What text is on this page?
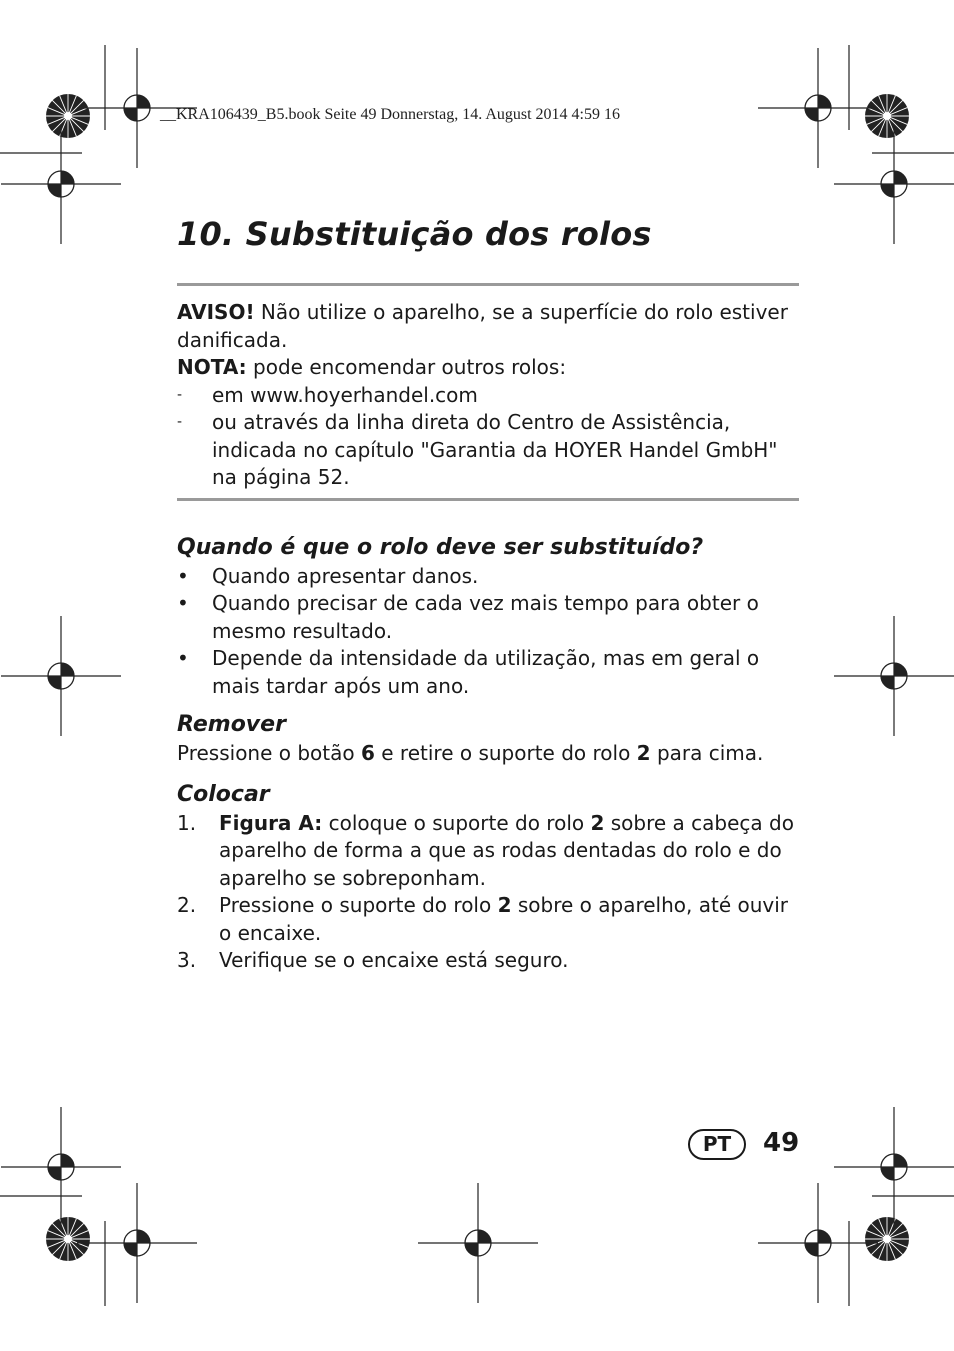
__KRA106439_B5.book Seite 49 Donnerstag, 14. August 2014 4:59 16
10. Substituição dos rolos

AVISO! Não utilize o aparelho, se a superfície do rolo estiver danificada.

NOTA: pode encomendar outros rolos:

- em www.hoyerhandel.com
- ou através da linha direta do Centro de Assistência, indicada no capítulo "Garantia da HOYER Handel GmbH" na página 52.
Quando é que o rolo deve ser substituído?
• Quando apresentar danos.
• Quando precisar de cada vez mais tempo para obter o mesmo resultado.
• Depende da intensidade da utilização, mas em geral o mais tardar após um ano.
Remover

Pressione o botão 6 e retire o suporte do rolo 2 para cima.

Colocar
1. Figura A: coloque o suporte do rolo 2 sobre a cabeça do aparelho de forma a que as rodas dentadas do rolo e do aparelho se sobreponham.
2. Pressione o suporte do rolo 2 sobre o aparelho, até ouvir o encaixe.
3. Verifique se o encaixe está seguro.
PT	49
